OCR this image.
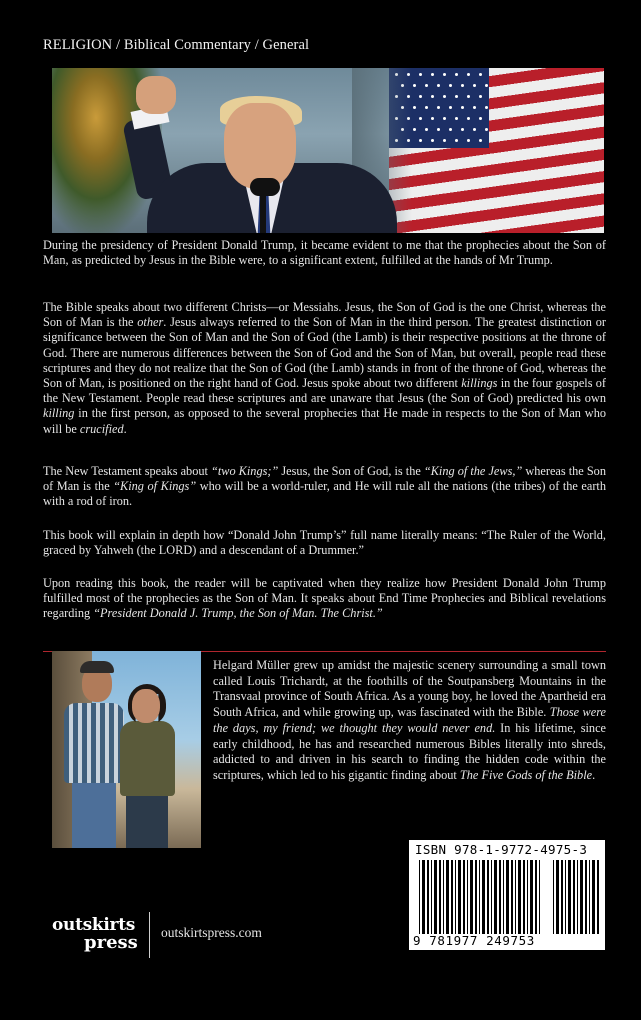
RELIGION / Biblical Commentary / General

During the presidency of President Donald Trump, it became evident to me that the prophecies about the Son of Man, as predicted by Jesus in the Bible were, to a significant extent, fulfilled at the hands of Mr Trump.

The Bible speaks about two different Christs—or Messiahs. Jesus, the Son of God is the one Christ, whereas the Son of Man is the other. Jesus always referred to the Son of Man in the third person. The greatest distinction or significance between the Son of Man and the Son of God (the Lamb) is their respective positions at the throne of God. There are numerous differences between the Son of God and the Son of Man, but overall, people read these scriptures and they do not realize that the Son of God (the Lamb) stands in front of the throne of God, whereas the Son of Man, is positioned on the right hand of God. Jesus spoke about two different killings in the four gospels of the New Testament. People read these scriptures and are unaware that Jesus (the Son of God) predicted his own killing in the first person, as opposed to the several prophecies that He made in respects to the Son of Man who will be crucified.

The New Testament speaks about “two Kings;” Jesus, the Son of God, is the “King of the Jews,” whereas the Son of Man is the “King of Kings” who will be a world-ruler, and He will rule all the nations (the tribes) of the earth with a rod of iron.

This book will explain in depth how “Donald John Trump’s” full name literally means: “The Ruler of the World, graced by Yahweh (the LORD) and a descendant of a Drummer.”

Upon reading this book, the reader will be captivated when they realize how President Donald John Trump fulfilled most of the prophecies as the Son of Man. It speaks about End Time Prophecies and Biblical revelations regarding “President Donald J. Trump, the Son of Man. The Christ.”

Helgard Müller grew up amidst the majestic scenery surrounding a small town called Louis Trichardt, at the foothills of the Soutpansberg Mountains in the Transvaal province of South Africa. As a young boy, he loved the Apartheid era South Africa, and while growing up, was fascinated with the Bible. Those were the days, my friend; we thought they would never end. In his lifetime, since early childhood, he has and researched numerous Bibles literally into shreds, addicted to and driven in his search to finding the hidden code within the scriptures, which led to his gigantic finding about The Five Gods of the Bible.

ISBN 978-1-9772-4975-3
9 781977 249753
outskirts
press outskirtspress.com
